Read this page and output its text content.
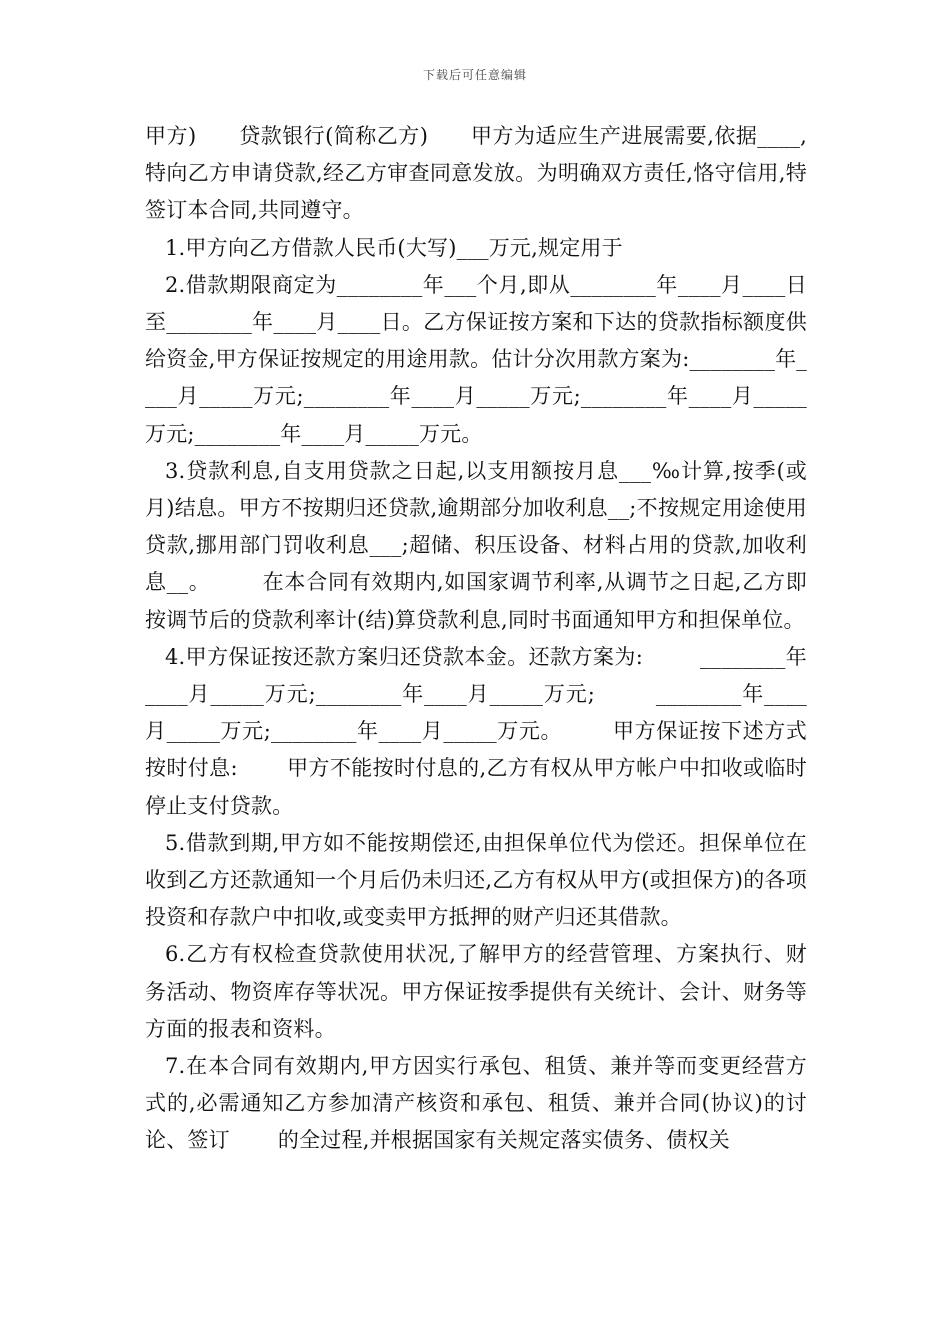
下载后可任意编辑

甲方)      贷款银行(简称乙方)      甲方为适应生产进展需要,依据____,特向乙方申请贷款,经乙方审查同意发放。为明确双方责任,恪守信用,特签订本合同,共同遵守。

1.甲方向乙方借款人民币(大写)___万元,规定用于

2.借款期限商定为________年___个月,即从________年____月____日至________年____月____日。乙方保证按方案和下达的贷款指标额度供给资金,甲方保证按规定的用途用款。估计分次用款方案为:________年____月_____万元;________年____月_____万元;________年____月_____万元;________年____月_____万元。

3.贷款利息,自支用贷款之日起,以支用额按月息___‰计算,按季(或月)结息。甲方不按期归还贷款,逾期部分加收利息__;不按规定用途使用贷款,挪用部门罚收利息___;超储、积压设备、材料占用的贷款,加收利息__。       在本合同有效期内,如国家调节利率,从调节之日起,乙方即按调节后的贷款利率计(结)算贷款利息,同时书面通知甲方和担保单位。

4.甲方保证按还款方案归还贷款本金。还款方案为:        ________年____月_____万元;________年____月_____万元;        ________年____月_____万元;________年____月_____万元。       甲方保证按下述方式按时付息:       甲方不能按时付息的,乙方有权从甲方帐户中扣收或临时停止支付贷款。

5.借款到期,甲方如不能按期偿还,由担保单位代为偿还。担保单位在收到乙方还款通知一个月后仍未归还,乙方有权从甲方(或担保方)的各项投资和存款户中扣收,或变卖甲方抵押的财产归还其借款。

6.乙方有权检查贷款使用状况,了解甲方的经营管理、方案执行、财务活动、物资库存等状况。甲方保证按季提供有关统计、会计、财务等方面的报表和资料。

7.在本合同有效期内,甲方因实行承包、租赁、兼并等而变更经营方式的,必需通知乙方参加清产核资和承包、租赁、兼并合同(协议)的讨论、签订       的全过程,并根据国家有关规定落实债务、债权关
